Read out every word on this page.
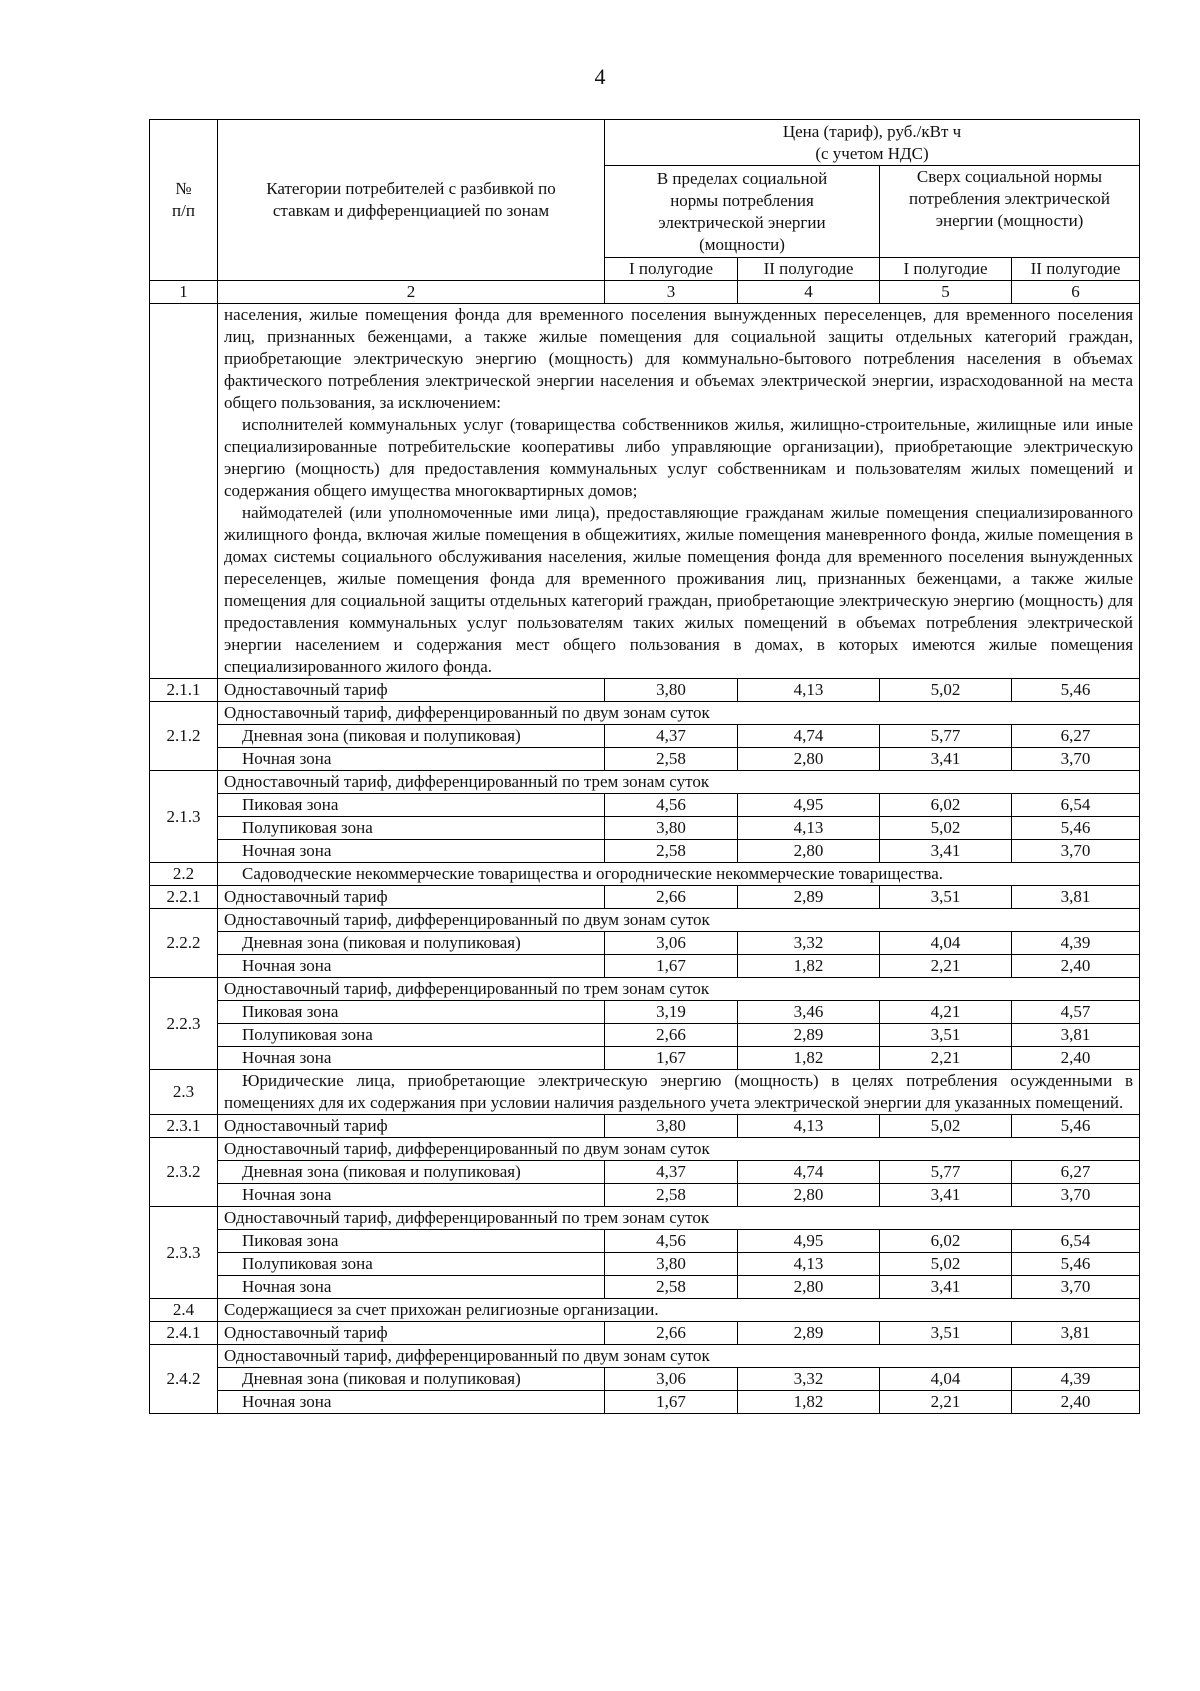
4
№
п/п	Категории потребителей с разбивкой по ставкам и дифференциацией по зонам	Цена (тариф), руб./кВт ч
(с учетом НДС)			
		В пределах социальной нормы потребления электрической энергии (мощности)		Сверх социальной нормы потребления электрической энергии (мощности)	
		I полугодие	II полугодие	I полугодие	II полугодие
1	2	3	4	5	6

	населения, жилые помещения фонда для временного поселения вынужденных переселенцев, для временного поселения лиц, признанных беженцами, а также жилые помещения для социальной защиты отдельных категорий граждан, приобретающие электрическую энергию (мощность) для коммунально-бытового потребления населения в объемах фактического потребления электрической энергии населения и объемах электрической энергии, израсходованной на места общего пользования, за исключением:
исполнителей коммунальных услуг (товарищества собственников жилья, жилищно-строительные, жилищные или иные специализированные потребительские кооперативы либо управляющие организации), приобретающие электрическую энергию (мощность) для предоставления коммунальных услуг собственникам и пользователям жилых помещений и содержания общего имущества многоквартирных домов;
наймодателей (или уполномоченные ими лица), предоставляющие гражданам жилые помещения специализированного жилищного фонда, включая жилые помещения в общежитиях, жилые помещения маневренного фонда, жилые помещения в домах системы социального обслуживания населения, жилые помещения фонда для временного поселения вынужденных переселенцев, жилые помещения фонда для временного проживания лиц, признанных беженцами, а также жилые помещения для социальной защиты отдельных категорий граждан, приобретающие электрическую энергию (мощность) для предоставления коммунальных услуг пользователям таких жилых помещений в объемах потребления электрической энергии населением и содержания мест общего пользования в домах, в которых имеются жилые помещения специализированного жилого фонда.				

2.1.1	Одноставочный тариф	3,80	4,13	5,02	5,46
2.1.2	Одноставочный тариф, дифференцированный по двум зонам суток				
	Дневная зона (пиковая и полупиковая)	4,37	4,74	5,77	6,27
	Ночная зона	2,58	2,80	3,41	3,70
2.1.3	Одноставочный тариф, дифференцированный по трем зонам суток				
	Пиковая зона	4,56	4,95	6,02	6,54
	Полупиковая зона	3,80	4,13	5,02	5,46
	Ночная зона	2,58	2,80	3,41	3,70
2.2	Садоводческие некоммерческие товарищества и огороднические некоммерческие товарищества.				
2.2.1	Одноставочный тариф	2,66	2,89	3,51	3,81
2.2.2	Одноставочный тариф, дифференцированный по двум зонам суток				
	Дневная зона (пиковая и полупиковая)	3,06	3,32	4,04	4,39
	Ночная зона	1,67	1,82	2,21	2,40
2.2.3	Одноставочный тариф, дифференцированный по трем зонам суток				
	Пиковая зона	3,19	3,46	4,21	4,57
	Полупиковая зона	2,66	2,89	3,51	3,81
	Ночная зона	1,67	1,82	2,21	2,40
2.3	Юридические лица, приобретающие электрическую энергию (мощность) в целях потребления осужденными в помещениях для их содержания при условии наличия раздельного учета электрической энергии для указанных помещений.				
2.3.1	Одноставочный тариф	3,80	4,13	5,02	5,46
2.3.2	Одноставочный тариф, дифференцированный по двум зонам суток				
	Дневная зона (пиковая и полупиковая)	4,37	4,74	5,77	6,27
	Ночная зона	2,58	2,80	3,41	3,70
2.3.3	Одноставочный тариф, дифференцированный по трем зонам суток				
	Пиковая зона	4,56	4,95	6,02	6,54
	Полупиковая зона	3,80	4,13	5,02	5,46
	Ночная зона	2,58	2,80	3,41	3,70
2.4	Содержащиеся за счет прихожан религиозные организации.				
2.4.1	Одноставочный тариф	2,66	2,89	3,51	3,81
2.4.2	Одноставочный тариф, дифференцированный по двум зонам суток				
	Дневная зона (пиковая и полупиковая)	3,06	3,32	4,04	4,39
	Ночная зона	1,67	1,82	2,21	2,40
